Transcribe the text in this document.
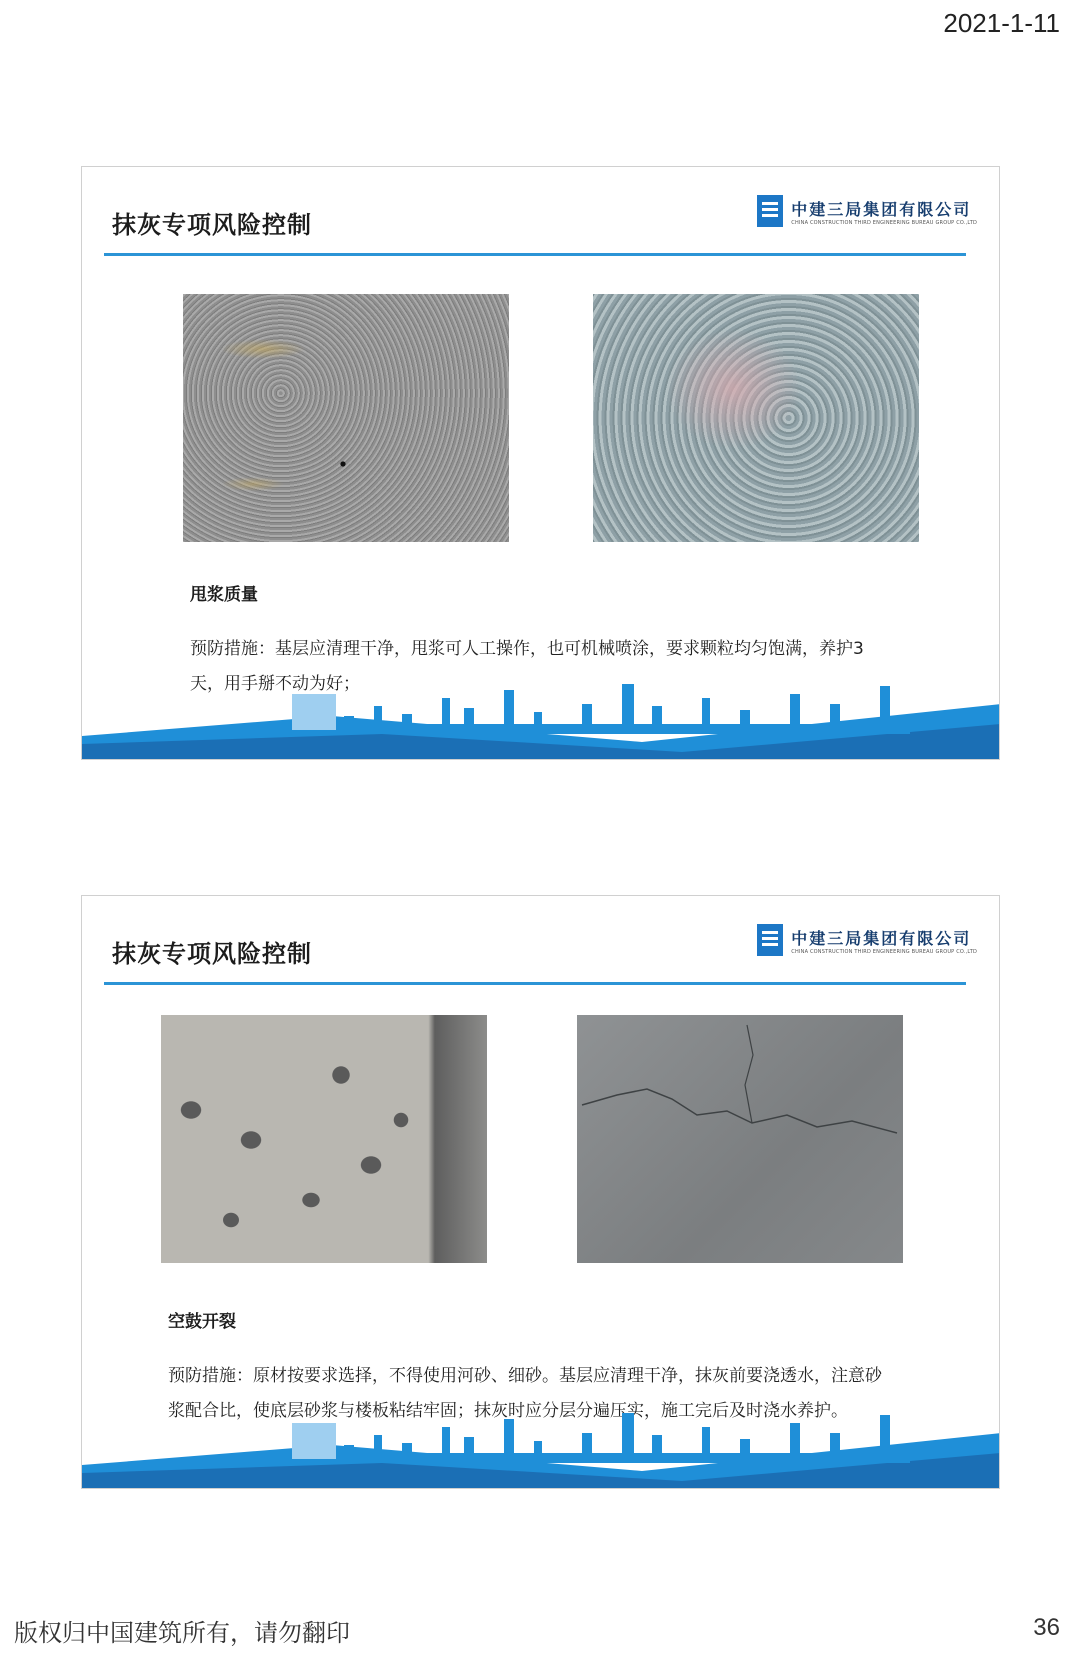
2021-1-11
抹灰专项风险控制
中建三局集团有限公司
CHINA CONSTRUCTION THIRD ENGINEERING BUREAU GROUP CO.,LTD
甩浆质量

预防措施：基层应清理干净，甩浆可人工操作，也可机械喷涂，要求颗粒均匀饱满，养护3天，用手掰不动为好；
抹灰专项风险控制
中建三局集团有限公司
CHINA CONSTRUCTION THIRD ENGINEERING BUREAU GROUP CO.,LTD
空鼓开裂

预防措施：原材按要求选择，不得使用河砂、细砂。基层应清理干净，抹灰前要浇透水，注意砂浆配合比，使底层砂浆与楼板粘结牢固；抹灰时应分层分遍压实，施工完后及时浇水养护。
版权归中国建筑所有，请勿翻印	36
